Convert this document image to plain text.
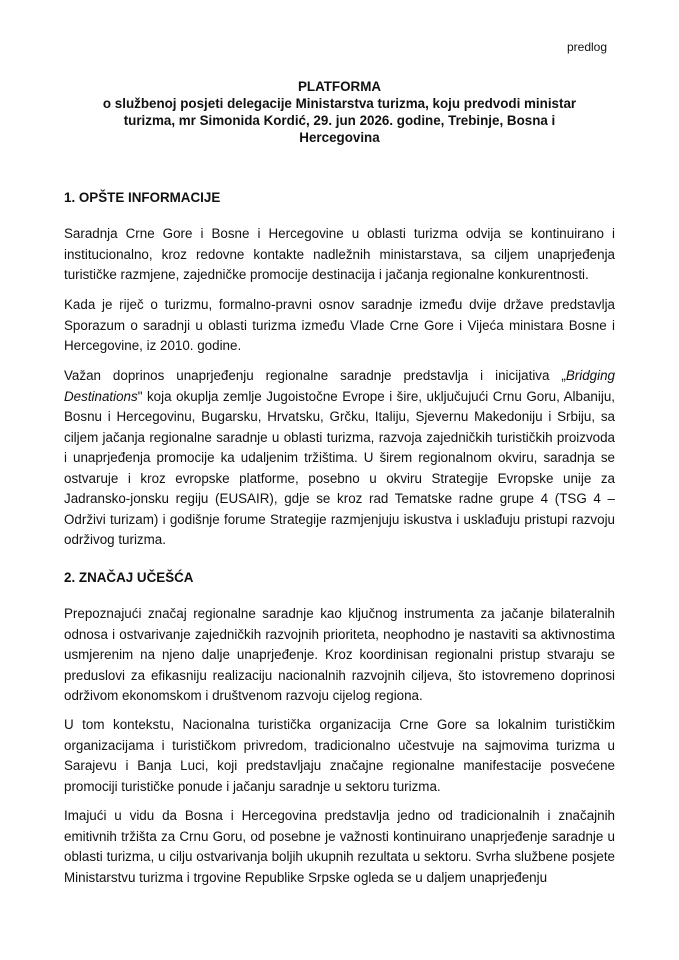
predlog
PLATFORMA

o službenoj posjeti delegacije Ministarstva turizma, koju predvodi ministar turizma, mr Simonida Kordić, 29. jun 2026. godine, Trebinje, Bosna i Hercegovina
1. OPŠTE INFORMACIJE
Saradnja Crne Gore i Bosne i Hercegovine u oblasti turizma odvija se kontinuirano i institucionalno, kroz redovne kontakte nadležnih ministarstava, sa ciljem unaprjeđenja turističke razmjene, zajedničke promocije destinacija i jačanja regionalne konkurentnosti.
Kada je riječ o turizmu, formalno-pravni osnov saradnje između dvije države predstavlja Sporazum o saradnji u oblasti turizma između Vlade Crne Gore i Vijeća ministara Bosne i Hercegovine, iz 2010. godine.
Važan doprinos unaprjeđenju regionalne saradnje predstavlja i inicijativa „Bridging Destinations" koja okuplja zemlje Jugoistočne Evrope i šire, uključujući Crnu Goru, Albaniju, Bosnu i Hercegovinu, Bugarsku, Hrvatsku, Grčku, Italiju, Sjevernu Makedoniju i Srbiju, sa ciljem jačanja regionalne saradnje u oblasti turizma, razvoja zajedničkih turističkih proizvoda i unaprjeđenja promocije ka udaljenim tržištima. U širem regionalnom okviru, saradnja se ostvaruje i kroz evropske platforme, posebno u okviru Strategije Evropske unije za Jadransko-jonsku regiju (EUSAIR), gdje se kroz rad Tematske radne grupe 4 (TSG 4 – Održivi turizam) i godišnje forume Strategije razmjenjuju iskustva i usklađuju pristupi razvoju održivog turizma.
2. ZNAČAJ UČEŠĆA
Prepoznajući značaj regionalne saradnje kao ključnog instrumenta za jačanje bilateralnih odnosa i ostvarivanje zajedničkih razvojnih prioriteta, neophodno je nastaviti sa aktivnostima usmjerenim na njeno dalje unaprjeđenje. Kroz koordinisan regionalni pristup stvaraju se preduslovi za efikasniju realizaciju nacionalnih razvojnih ciljeva, što istovremeno doprinosi održivom ekonomskom i društvenom razvoju cijelog regiona.
U tom kontekstu, Nacionalna turistička organizacija Crne Gore sa lokalnim turističkim organizacijama i turističkom privredom, tradicionalno učestvuje na sajmovima turizma u Sarajevu i Banja Luci, koji predstavljaju značajne regionalne manifestacije posvećene promociji turističke ponude i jačanju saradnje u sektoru turizma.
Imajući u vidu da Bosna i Hercegovina predstavlja jedno od tradicionalnih i značajnih emitivnih tržišta za Crnu Goru, od posebne je važnosti kontinuirano unaprjeđenje saradnje u oblasti turizma, u cilju ostvarivanja boljih ukupnih rezultata u sektoru. Svrha službene posjete Ministarstvu turizma i trgovine Republike Srpske ogleda se u daljem unaprjeđenju
